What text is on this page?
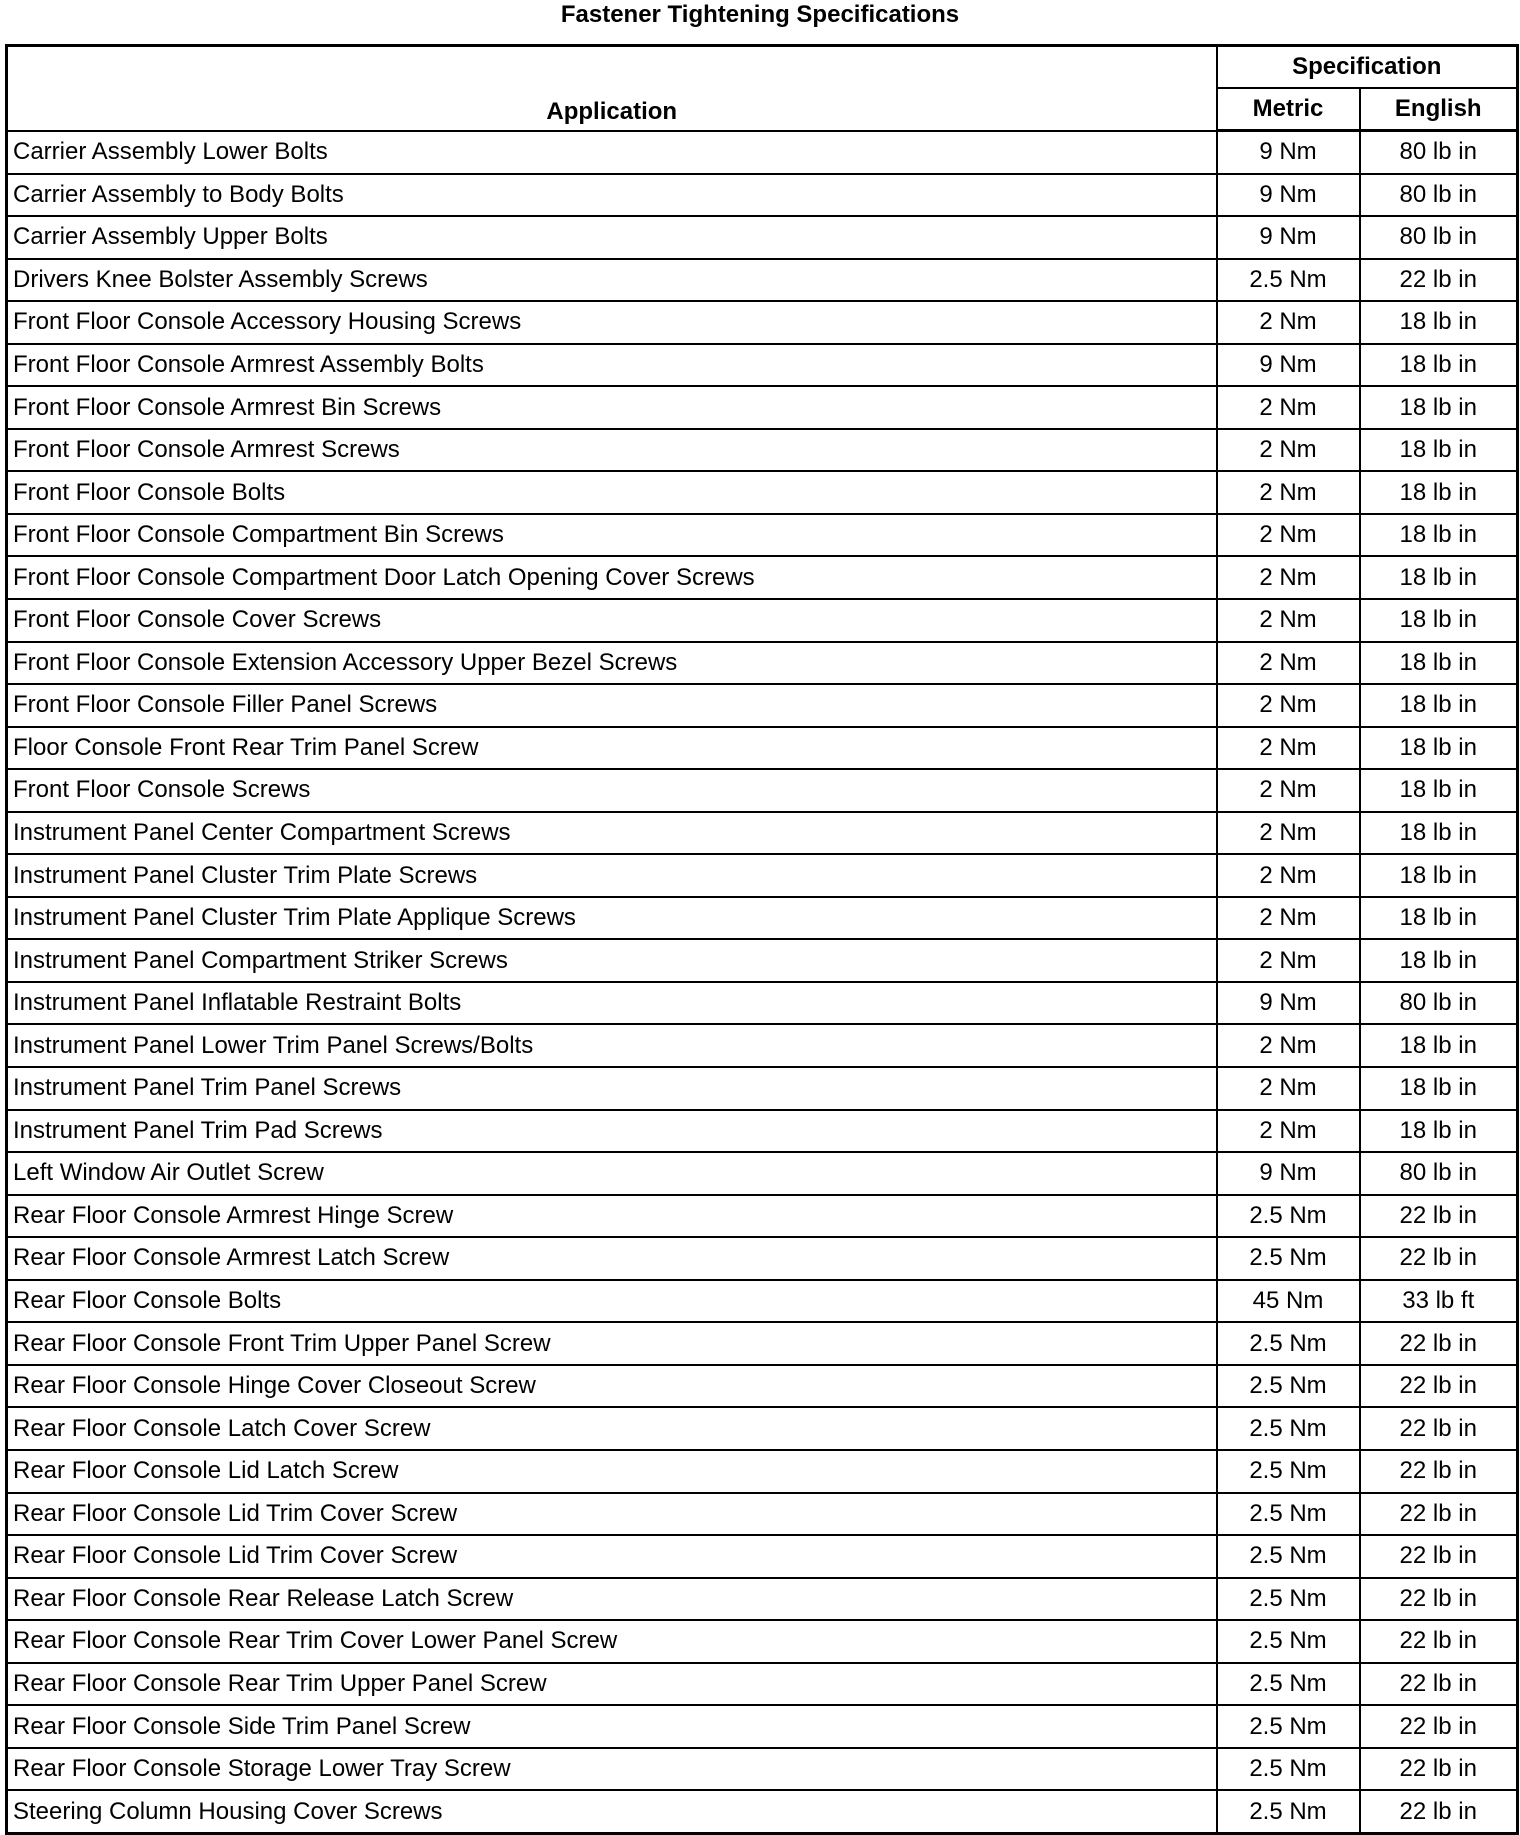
Fastener Tightening Specifications
Application	Specification	
	Metric	English
Carrier Assembly Lower Bolts	9 Nm	80 lb in
Carrier Assembly to Body Bolts	9 Nm	80 lb in
Carrier Assembly Upper Bolts	9 Nm	80 lb in
Drivers Knee Bolster Assembly Screws	2.5 Nm	22 lb in
Front Floor Console Accessory Housing Screws	2 Nm	18 lb in
Front Floor Console Armrest Assembly Bolts	9 Nm	18 lb in
Front Floor Console Armrest Bin Screws	2 Nm	18 lb in
Front Floor Console Armrest Screws	2 Nm	18 lb in
Front Floor Console Bolts	2 Nm	18 lb in
Front Floor Console Compartment Bin Screws	2 Nm	18 lb in
Front Floor Console Compartment Door Latch Opening Cover Screws	2 Nm	18 lb in
Front Floor Console Cover Screws	2 Nm	18 lb in
Front Floor Console Extension Accessory Upper Bezel Screws	2 Nm	18 lb in
Front Floor Console Filler Panel Screws	2 Nm	18 lb in
Floor Console Front Rear Trim Panel Screw	2 Nm	18 lb in
Front Floor Console Screws	2 Nm	18 lb in
Instrument Panel Center Compartment Screws	2 Nm	18 lb in
Instrument Panel Cluster Trim Plate Screws	2 Nm	18 lb in
Instrument Panel Cluster Trim Plate Applique Screws	2 Nm	18 lb in
Instrument Panel Compartment Striker Screws	2 Nm	18 lb in
Instrument Panel Inflatable Restraint Bolts	9 Nm	80 lb in
Instrument Panel Lower Trim Panel Screws/Bolts	2 Nm	18 lb in
Instrument Panel Trim Panel Screws	2 Nm	18 lb in
Instrument Panel Trim Pad Screws	2 Nm	18 lb in
Left Window Air Outlet Screw	9 Nm	80 lb in
Rear Floor Console Armrest Hinge Screw	2.5 Nm	22 lb in
Rear Floor Console Armrest Latch Screw	2.5 Nm	22 lb in
Rear Floor Console Bolts	45 Nm	33 lb ft
Rear Floor Console Front Trim Upper Panel Screw	2.5 Nm	22 lb in
Rear Floor Console Hinge Cover Closeout Screw	2.5 Nm	22 lb in
Rear Floor Console Latch Cover Screw	2.5 Nm	22 lb in
Rear Floor Console Lid Latch Screw	2.5 Nm	22 lb in
Rear Floor Console Lid Trim Cover Screw	2.5 Nm	22 lb in
Rear Floor Console Lid Trim Cover Screw	2.5 Nm	22 lb in
Rear Floor Console Rear Release Latch Screw	2.5 Nm	22 lb in
Rear Floor Console Rear Trim Cover Lower Panel Screw	2.5 Nm	22 lb in
Rear Floor Console Rear Trim Upper Panel Screw	2.5 Nm	22 lb in
Rear Floor Console Side Trim Panel Screw	2.5 Nm	22 lb in
Rear Floor Console Storage Lower Tray Screw	2.5 Nm	22 lb in
Steering Column Housing Cover Screws	2.5 Nm	22 lb in
